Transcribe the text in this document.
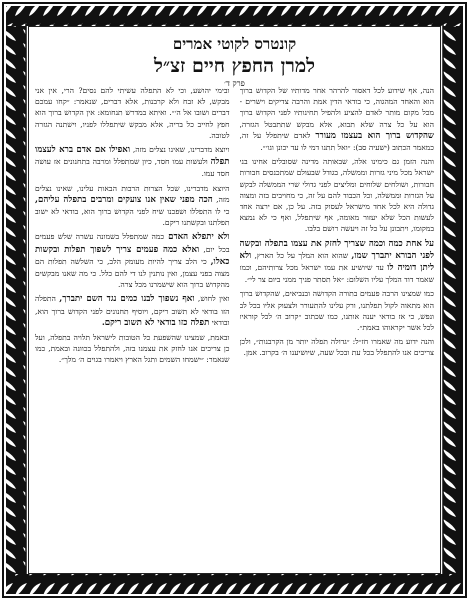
קונטרס לקוטי אמרים
למרן החפץ חיים זצ״ל
פרק ד׳

הנה, אף שידוע לכל דאסור להרהר אחר מדותיו של הקדוש ברוך הוא והאחד המהגוה, כי בודאי הדין אמת והרבה צדיקים וישרים - מכל מקום מותר לאדם להציע ולהפיל תחינותיו לפני הקדוש ברוך הוא על כל צרה שלא תבוא, אלא מבקש שתתבטל הגזרה, שהקדוש ברוך הוא בעצמו מעורר לאדם שיתפלל על זה, כמאמר הכתוב (ישעיה סב): ״ואל תתנו דמי לו עד יכונן וגו׳״.

והנה הזמן גם כימינו אלה, שבאותה מדינה שסובלים אחינו בני ישראל מכל מיני גזרות וממשלה, בגודל שבעולם שמתכנסים חבורות חבורות, ושולחים שלוחים ומליצים לפני גדולי שרי הממשלה לבקש על הגזרות וממשלה, וכל הכבוד להם על זה, כי מחויבים בזה ומצוה גדולה היא לכל אחד מישראל לעסוק בזה. על כן, אם ירצה אחד לעשות הכל שלא יעזור מאומה, אף שיתפלל, ואף כי לא נמצא במקומו, ויתבונן על כל זה ויעשה רושם בלבו.

על אחת כמה וכמה שצריך לחזק את עצמו בתפלה ובקשה לפני הבורא יתברך שמו, שהוא הוא המלך על כל הארץ, ולא ליתן דומיה לו עד שיושיע את עמו ישראל מכל צרותיהם, וכמו שאמר דוד המלך עליו השלום: ״אל תסתר פניך ממני ביום צר לי״.

כמו שמצינו הרבה פעמים בתורה הקדושה ובנביאים, שהקדוש ברוך הוא מתאוה לקול תפלתנו, ורק עלינו להתעורר ולצעוק אליו בכל לב ונפש, כי אז בודאי יענה אותנו, כמו שכתוב ״קרוב ה׳ לכל קוראיו לכל אשר יקראוהו באמת״.

והנה ידוע מה שאמרו חז״ל: ״גדולה תפלה יותר מן הקרבנות״, ולכן צריכים אנו להתפלל בכל עת ובכל שעה, שיושיענו ה׳ בקרוב. אמן.

ובימי יהושע, וכי לא התפלה עשיתי להם נסים? הרי, אין אני מבקש, לא זבח ולא קרבנות, אלא דברים, שנאמר: ״קחו עמכם דברים ושובו אל ה׳״. ואיתא במדרש תנחומא: אין הקדוש ברוך הוא חפץ לחייב כל בריה, אלא מבקש שיתפללו לפניו, וישתנה הגזרה לטובה.

ויוצא מדברינו, שאינו נצלים מזה, ואפילו אם אדם ברא לעצמו תפלה ולעשות עמו חסד, כיון שמתפלל ומרבה בתחנונים אז עושה חסד עמו.

היוצא מדברינו, שכל הצרות הרבות הבאות עלינו, שאינו נצלים מזה, הכה מפני שאין אנו צועקים ומרבים בתפלה עליהם, כי לו התפללו ושפכנו שיח לפני הקדוש ברוך הוא, בודאי לא ישוב תפלתנו ובקשתנו ריקם.

ולא יתפלא האדם כמה שמתפלל בשמונה עשרה שלש פעמים בכל יום, ואלא כמה פעמים צריך לשפוך תפלות ובקשות כאלו, כי הלב צריך להיות מעומק הלב, כי השלשה תפלות הם מצוה בפני עצמן, ואין נותנין לנו די להם כלל. כי מה שאנו מבקשים מהקדוש ברוך הוא שישמרנו מכל צרה.

ואין לחוש, ואף נשפוך לבנו כמים נגד השם יתברך, התפלה הזו בודאי לא תשוב ריקם, ויוסיף תחנונים לפני הקדוש ברוך הוא, ובודאי תפלה כזו בודאי לא תשוב ריקם.

ובאמת, שמצינו שהשפעת כל הטובות לישראל תלויה בתפלה, ועל כן צריכים אנו לחזק את עצמנו בזה, ולהתפלל בכוונה ובאמת, כמו שנאמר: ״ישמחו השמים ותגל הארץ ויאמרו בגוים ה׳ מלך״.
